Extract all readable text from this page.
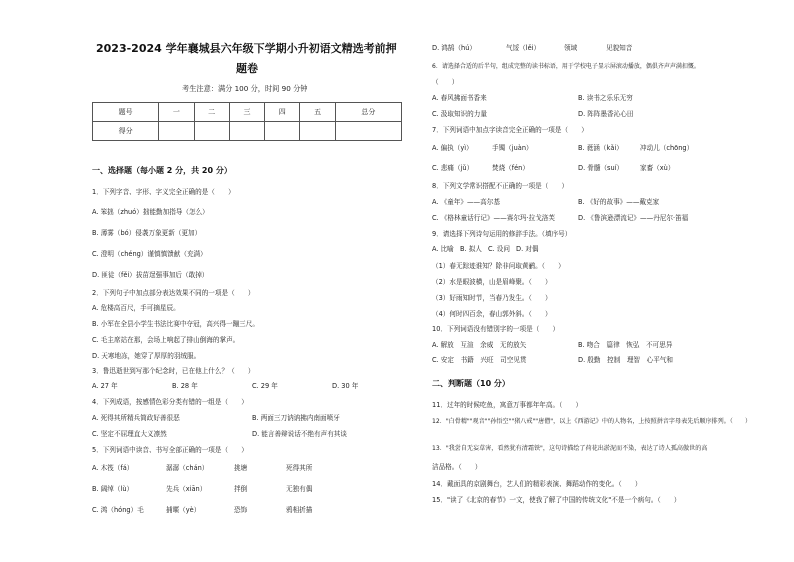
2023-2024 学年襄城县六年级下学期小升初语文精选考前押
题卷
考生注意：满分 100 分，时间 90 分钟
题号	一	二	三	四	五	总分
得分						
一、选择题（每小题 2 分，共 20 分）
1．下列字音、字形、字义完全正确的是（　　）
A. 笨拙（zhuó）拙能勤加指导（怎么）
B. 薄雾（bó）侵袭万象更新（更加）
C. 澄明（chéng）谨慎慎馈献（充满）
D. 匪徒（fěi）拔苗逞强事加后（敢掉）
2．下列句子中加点部分表达效果不同的一项是（　　）
A. 危楼高百尺，手可摘星辰。
B. 小军在全县小学生书法比赛中夺冠，高兴得一蹦三尺。
C. 毛主席站在那，会场上响起了排山倒海的掌声。
D. 天寒地冻，她穿了厚厚的羽绒服。
3．鲁迅逝世到写那个纪念时，已在他上什么？（　　）
A. 27 年	B. 28 年	C. 29 年	D. 30 年
4．下列成语，按感情色彩分类有错的一组是（　　）
A. 死得其所精兵简政好善很恶	B. 两面三刀讷讷拂内南面喷牙
C. 坚定不屈理直大义凛然	D. 能言善辩说话不绝有声有其谈
5．下列词语中读音、书写全部正确的一项是（　　）
A. 木筏（fá）	潺潺（chán）	挑塘	死得其所
B. 阔绰（lù）	先兵（xiān）	拌倒	无独有偶
C. 鸿（hóng）毛	捕暱（yè）	恐饰	鸦相折描
D. 鸿鹄（hú）	气馁（lěi）	领域	见貌知音
6．请选择合适的后半句，组成完整的读书标语，用于学校电子显示屏滚动播放，偶俱齐声声满扣慨。
（　　）
A. 春风拂面书香来	B. 读书之乐乐无穷
C. 汲取知识的力量	D. 阵阵墨香沁心田
7．下列词语中加点字读音完全正确的一项是（　　）
A. 偏执（yì）	手镯（juàn）	B. 蕤涵（kǎi）	冲动儿（chōng）
C. 悲痛（jǔ）	焚烧（fén）	D. 骨髓（suí）	家畜（xù）
8．下列文学常识搭配不正确的一项是（　　）
A. 《童年》——高尔基	B. 《好的故事》——戴克家
C. 《格林童话行记》——赛尔玛·拉戈洛芙	D. 《鲁滨逊漂流记》——丹尼尔·笛福
9．请选择下列诗句运用的修辞手法。（填序号）
A. 比喻 B. 拟人 C. 设问 D. 对偶
（1）春无踪迹谁知？除非问取黄鹂。（　　）
（2）水是眼波横，山是眉峰聚。（　　）
（3）好雨知时节，当春乃发生。（　　）
（4）何时四百余，春山郭外斜。（　　）
10．下列词语没有错别字的一项是（　　）
A. 解放　互渲　余威　无的放矢	B. 吻合　篇律　恢弘　不可思异
C. 安定　书籍　兴旺　司空见贯	D. 殷勤　控制　理智　心平气和
二、判断题（10 分）
11．过年的时候吃鱼，寓意万事都年年高。（　　）
12．"白骨精""观音""孙悟空""猪八戒""唐僧"，以上《西游记》中的人物名，上按照拼音字母表先后顺序排列。（　　）
13．"我尝自无妄草害，看然犹有清霜铁"，这句诗描绘了荷花出淤泥而不染，表达了诗人孤高傲世的高
洁品格。（　　）
14．戴面具的京剧舞台，艺人们的精彩表演、舞蹈动作的变化。（　　）
15．"读了《北京的春节》一文，使我了解了中国的传统文化"不是一个病句。（　　）
